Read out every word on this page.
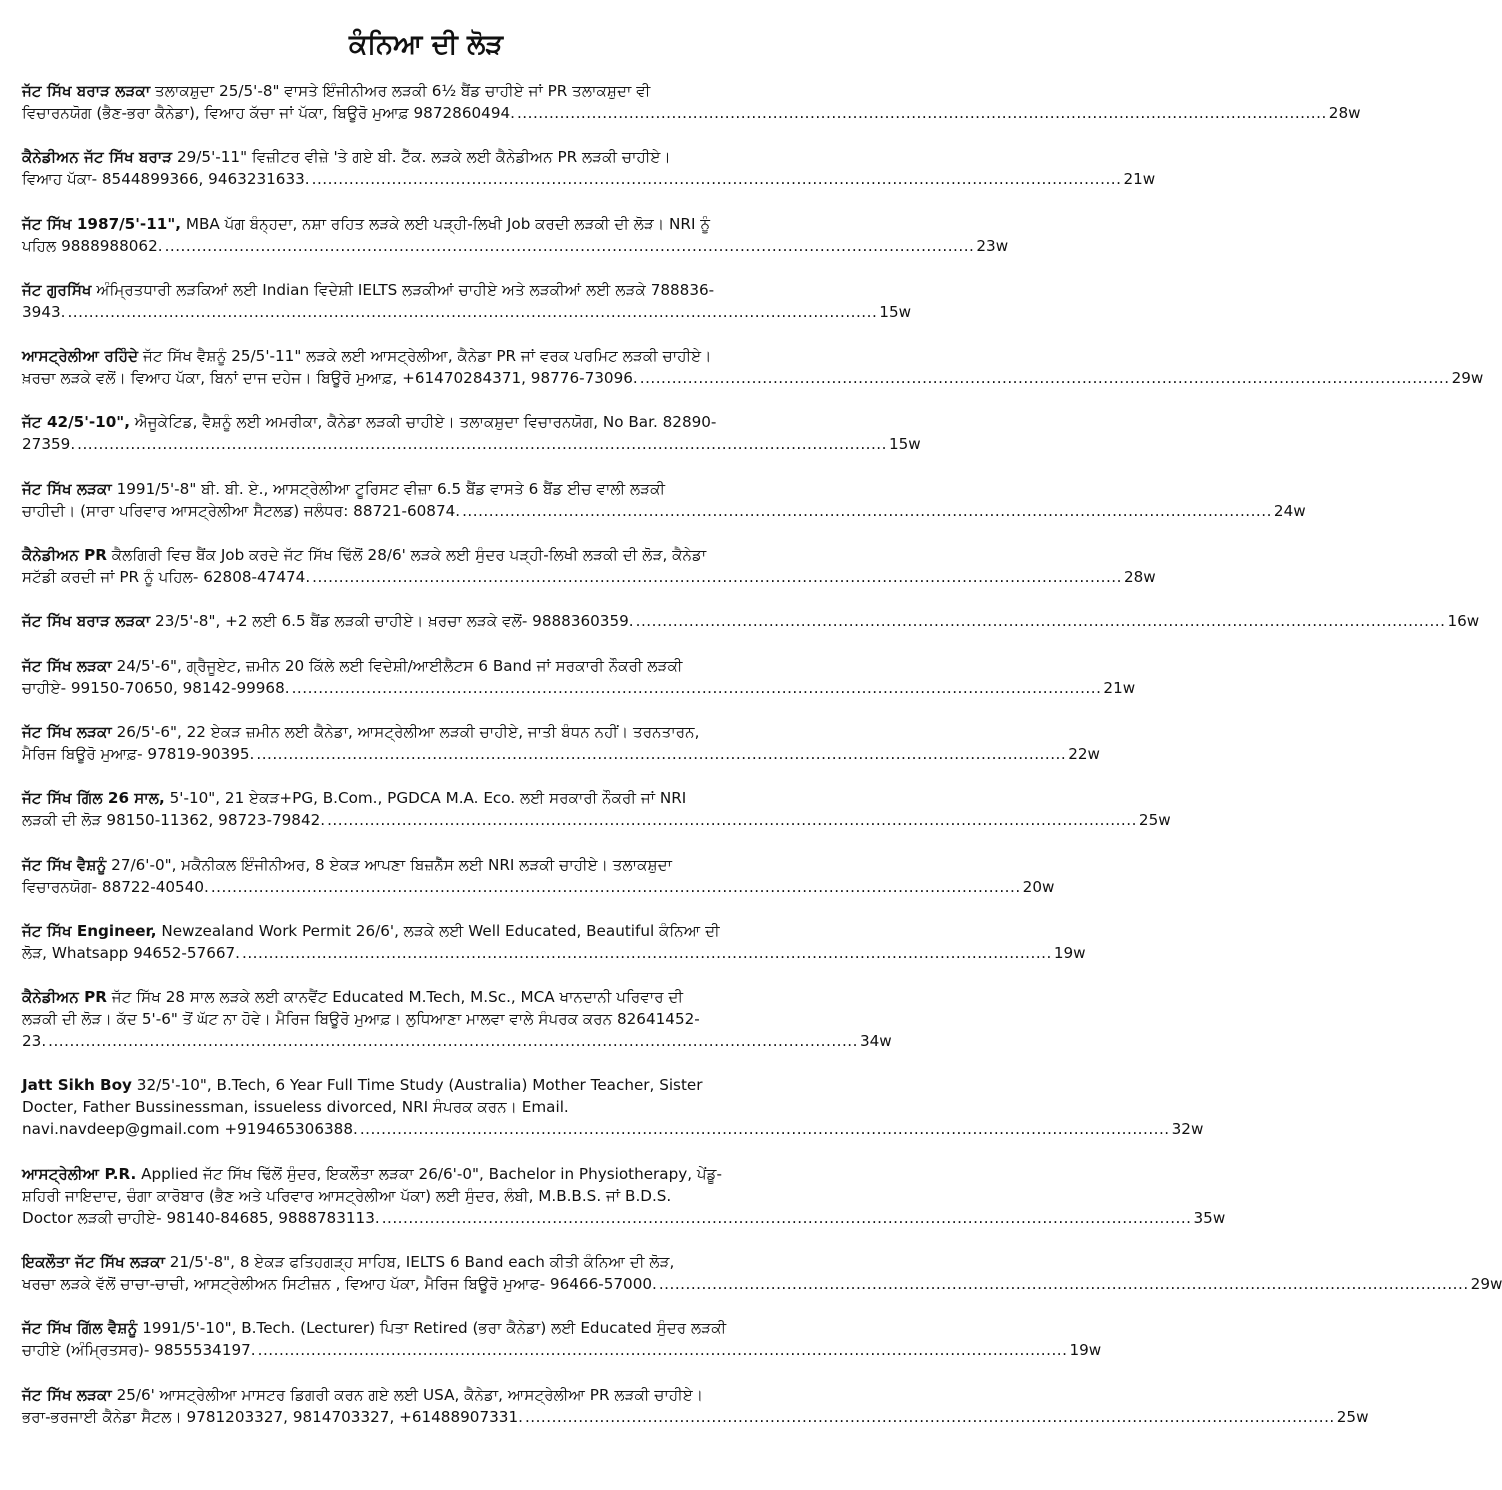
ਕੰਨਿਆ ਦੀ ਲੋੜ
ਜੱਟ ਸਿੱਖ ਬਰਾੜ ਲੜਕਾ ਤਲਾਕਸ਼ੁਦਾ 25/5'-8" ਵਾਸਤੇ ਇੰਜੀਨੀਅਰ ਲੜਕੀ 6½ ਬੈਂਡ ਚਾਹੀਏ ਜਾਂ PR ਤਲਾਕਸ਼ੁਦਾ ਵੀ
ਵਿਚਾਰਨਯੋਗ (ਭੈਣ-ਭਰਾ ਕੈਨੇਡਾ), ਵਿਆਹ ਕੱਚਾ ਜਾਂ ਪੱਕਾ, ਬਿਊਰੋ ਮੁਆਫ਼ 9872860494. ........................................................................................................................................................ 28w
ਕੈਨੇਡੀਅਨ ਜੱਟ ਸਿੱਖ ਬਰਾੜ 29/5'-11" ਵਿਜ਼ੀਟਰ ਵੀਜ਼ੇ 'ਤੇ ਗਏ ਬੀ. ਟੈੱਕ. ਲੜਕੇ ਲਈ ਕੈਨੇਡੀਅਨ PR ਲੜਕੀ ਚਾਹੀਏ।
ਵਿਆਹ ਪੱਕਾ- 8544899366, 9463231633. ........................................................................................................................................................ 21w
ਜੱਟ ਸਿੱਖ 1987/5'-11", MBA ਪੱਗ ਬੰਨ੍ਹਦਾ, ਨਸ਼ਾ ਰਹਿਤ ਲੜਕੇ ਲਈ ਪੜ੍ਹੀ-ਲਿਖੀ Job ਕਰਦੀ ਲੜਕੀ ਦੀ ਲੋੜ। NRI ਨੂੰ
ਪਹਿਲ 9888988062. ........................................................................................................................................................ 23w
ਜੱਟ ਗੁਰਸਿੱਖ ਅੰਮ੍ਰਿਤਧਾਰੀ ਲੜਕਿਆਂ ਲਈ Indian ਵਿਦੇਸ਼ੀ IELTS ਲੜਕੀਆਂ ਚਾਹੀਏ ਅਤੇ ਲੜਕੀਆਂ ਲਈ ਲੜਕੇ 788836-
3943. ........................................................................................................................................................ 15w
ਆਸਟ੍ਰੇਲੀਆ ਰਹਿੰਦੇ ਜੱਟ ਸਿੱਖ ਵੈਸ਼ਨੂੰ 25/5'-11" ਲੜਕੇ ਲਈ ਆਸਟ੍ਰੇਲੀਆ, ਕੈਨੇਡਾ PR ਜਾਂ ਵਰਕ ਪਰਮਿਟ ਲੜਕੀ ਚਾਹੀਏ।
ਖ਼ਰਚਾ ਲੜਕੇ ਵਲੋਂ। ਵਿਆਹ ਪੱਕਾ, ਬਿਨਾਂ ਦਾਜ ਦਹੇਜ। ਬਿਊਰੋ ਮੁਆਫ਼, +61470284371, 98776-73096. ........................................................................................................................................................ 29w
ਜੱਟ 42/5'-10", ਐਜੂਕੇਟਿਡ, ਵੈਸ਼ਨੂੰ ਲਈ ਅਮਰੀਕਾ, ਕੈਨੇਡਾ ਲੜਕੀ ਚਾਹੀਏ। ਤਲਾਕਸ਼ੁਦਾ ਵਿਚਾਰਨਯੋਗ, No Bar. 82890-
27359. ........................................................................................................................................................ 15w
ਜੱਟ ਸਿੱਖ ਲੜਕਾ 1991/5'-8" ਬੀ. ਬੀ. ਏ., ਆਸਟ੍ਰੇਲੀਆ ਟੂਰਿਸਟ ਵੀਜ਼ਾ 6.5 ਬੈਂਡ ਵਾਸਤੇ 6 ਬੈਂਡ ਈਚ ਵਾਲੀ ਲੜਕੀ
ਚਾਹੀਦੀ। (ਸਾਰਾ ਪਰਿਵਾਰ ਆਸਟ੍ਰੇਲੀਆ ਸੈਟਲਡ) ਜਲੰਧਰ: 88721-60874. ........................................................................................................................................................ 24w
ਕੈਨੇਡੀਅਨ PR ਕੈਲਗਿਰੀ ਵਿਚ ਬੈਂਕ Job ਕਰਦੇ ਜੱਟ ਸਿੱਖ ਢਿੱਲੋਂ 28/6' ਲੜਕੇ ਲਈ ਸੁੰਦਰ ਪੜ੍ਹੀ-ਲਿਖੀ ਲੜਕੀ ਦੀ ਲੋੜ, ਕੈਨੇਡਾ
ਸਟੱਡੀ ਕਰਦੀ ਜਾਂ PR ਨੂੰ ਪਹਿਲ- 62808-47474. ........................................................................................................................................................ 28w
ਜੱਟ ਸਿੱਖ ਬਰਾੜ ਲੜਕਾ 23/5'-8", +2 ਲਈ 6.5 ਬੈਂਡ ਲੜਕੀ ਚਾਹੀਏ। ਖ਼ਰਚਾ ਲੜਕੇ ਵਲੋਂ- 9888360359. ........................................................................................................................................................ 16w
ਜੱਟ ਸਿੱਖ ਲੜਕਾ 24/5'-6", ਗ੍ਰੈਜੂਏਟ, ਜ਼ਮੀਨ 20 ਕਿੱਲੇ ਲਈ ਵਿਦੇਸ਼ੀ/ਆਈਲੈਟਸ 6 Band ਜਾਂ ਸਰਕਾਰੀ ਨੌਕਰੀ ਲੜਕੀ
ਚਾਹੀਏ- 99150-70650, 98142-99968. ........................................................................................................................................................ 21w
ਜੱਟ ਸਿੱਖ ਲੜਕਾ 26/5'-6", 22 ਏਕੜ ਜ਼ਮੀਨ ਲਈ ਕੈਨੇਡਾ, ਆਸਟ੍ਰੇਲੀਆ ਲੜਕੀ ਚਾਹੀਏ, ਜਾਤੀ ਬੰਧਨ ਨਹੀਂ। ਤਰਨਤਾਰਨ,
ਮੈਰਿਜ ਬਿਊਰੋ ਮੁਆਫ਼- 97819-90395. ........................................................................................................................................................ 22w
ਜੱਟ ਸਿੱਖ ਗਿੱਲ 26 ਸਾਲ, 5'-10", 21 ਏਕੜ+PG, B.Com., PGDCA M.A. Eco. ਲਈ ਸਰਕਾਰੀ ਨੌਕਰੀ ਜਾਂ NRI
ਲੜਕੀ ਦੀ ਲੋੜ 98150-11362, 98723-79842. ........................................................................................................................................................ 25w
ਜੱਟ ਸਿੱਖ ਵੈਸ਼ਨੂੰ 27/6'-0", ਮਕੈਨੀਕਲ ਇੰਜੀਨੀਅਰ, 8 ਏਕੜ ਆਪਣਾ ਬਿਜ਼ਨੈੱਸ ਲਈ NRI ਲੜਕੀ ਚਾਹੀਏ। ਤਲਾਕਸ਼ੁਦਾ
ਵਿਚਾਰਨਯੋਗ- 88722-40540. ........................................................................................................................................................ 20w
ਜੱਟ ਸਿੱਖ Engineer, Newzealand Work Permit 26/6', ਲੜਕੇ ਲਈ Well Educated, Beautiful ਕੰਨਿਆ ਦੀ
ਲੋੜ, Whatsapp 94652-57667. ........................................................................................................................................................ 19w
ਕੈਨੇਡੀਅਨ PR ਜੱਟ ਸਿੱਖ 28 ਸਾਲ ਲੜਕੇ ਲਈ ਕਾਨਵੈਂਟ Educated M.Tech, M.Sc., MCA ਖਾਨਦਾਨੀ ਪਰਿਵਾਰ ਦੀ
ਲੜਕੀ ਦੀ ਲੋੜ। ਕੱਦ 5'-6" ਤੋਂ ਘੱਟ ਨਾ ਹੋਵੇ। ਮੈਰਿਜ ਬਿਊਰੋ ਮੁਆਫ਼। ਲੁਧਿਆਣਾ ਮਾਲਵਾ ਵਾਲੇ ਸੰਪਰਕ ਕਰਨ 82641452-
23. ........................................................................................................................................................ 34w
Jatt Sikh Boy 32/5'-10", B.Tech, 6 Year Full Time Study (Australia) Mother Teacher, Sister
Docter, Father Bussinessman, issueless divorced, NRI ਸੰਪਰਕ ਕਰਨ। Email.
navi.navdeep@gmail.com +919465306388. ........................................................................................................................................................ 32w
ਆਸਟ੍ਰੇਲੀਆ P.R. Applied ਜੱਟ ਸਿੱਖ ਢਿੱਲੋਂ ਸੁੰਦਰ, ਇਕਲੌਤਾ ਲੜਕਾ 26/6'-0", Bachelor in Physiotherapy, ਪੇਂਡੂ-
ਸ਼ਹਿਰੀ ਜਾਇਦਾਦ, ਚੰਗਾ ਕਾਰੋਬਾਰ (ਭੈਣ ਅਤੇ ਪਰਿਵਾਰ ਆਸਟ੍ਰੇਲੀਆ ਪੱਕਾ) ਲਈ ਸੁੰਦਰ, ਲੰਬੀ, M.B.B.S. ਜਾਂ B.D.S.
Doctor ਲੜਕੀ ਚਾਹੀਏ- 98140-84685, 9888783113. ........................................................................................................................................................ 35w
ਇਕਲੌਤਾ ਜੱਟ ਸਿੱਖ ਲੜਕਾ 21/5'-8", 8 ਏਕੜ ਫਤਿਹਗੜ੍ਹ ਸਾਹਿਬ, IELTS 6 Band each ਕੀਤੀ ਕੰਨਿਆ ਦੀ ਲੋੜ,
ਖਰਚਾ ਲੜਕੇ ਵੱਲੋਂ ਚਾਚਾ-ਚਾਚੀ, ਆਸਟ੍ਰੇਲੀਅਨ ਸਿਟੀਜ਼ਨ , ਵਿਆਹ ਪੱਕਾ, ਮੈਰਿਜ ਬਿਊਰੋ ਮੁਆਫ- 96466-57000. ........................................................................................................................................................ 29w
ਜੱਟ ਸਿੱਖ ਗਿੱਲ ਵੈਸ਼ਨੂੰ 1991/5'-10", B.Tech. (Lecturer) ਪਿਤਾ Retired (ਭਰਾ ਕੈਨੇਡਾ) ਲਈ Educated ਸੁੰਦਰ ਲੜਕੀ
ਚਾਹੀਏ (ਅੰਮ੍ਰਿਤਸਰ)- 9855534197. ........................................................................................................................................................ 19w
ਜੱਟ ਸਿੱਖ ਲੜਕਾ 25/6' ਆਸਟ੍ਰੇਲੀਆ ਮਾਸਟਰ ਡਿਗਰੀ ਕਰਨ ਗਏ ਲਈ USA, ਕੈਨੇਡਾ, ਆਸਟ੍ਰੇਲੀਆ PR ਲੜਕੀ ਚਾਹੀਏ।
ਭਰਾ-ਭਰਜਾਈ ਕੈਨੇਡਾ ਸੈਟਲ। 9781203327, 9814703327, +61488907331. ........................................................................................................................................................ 25w
